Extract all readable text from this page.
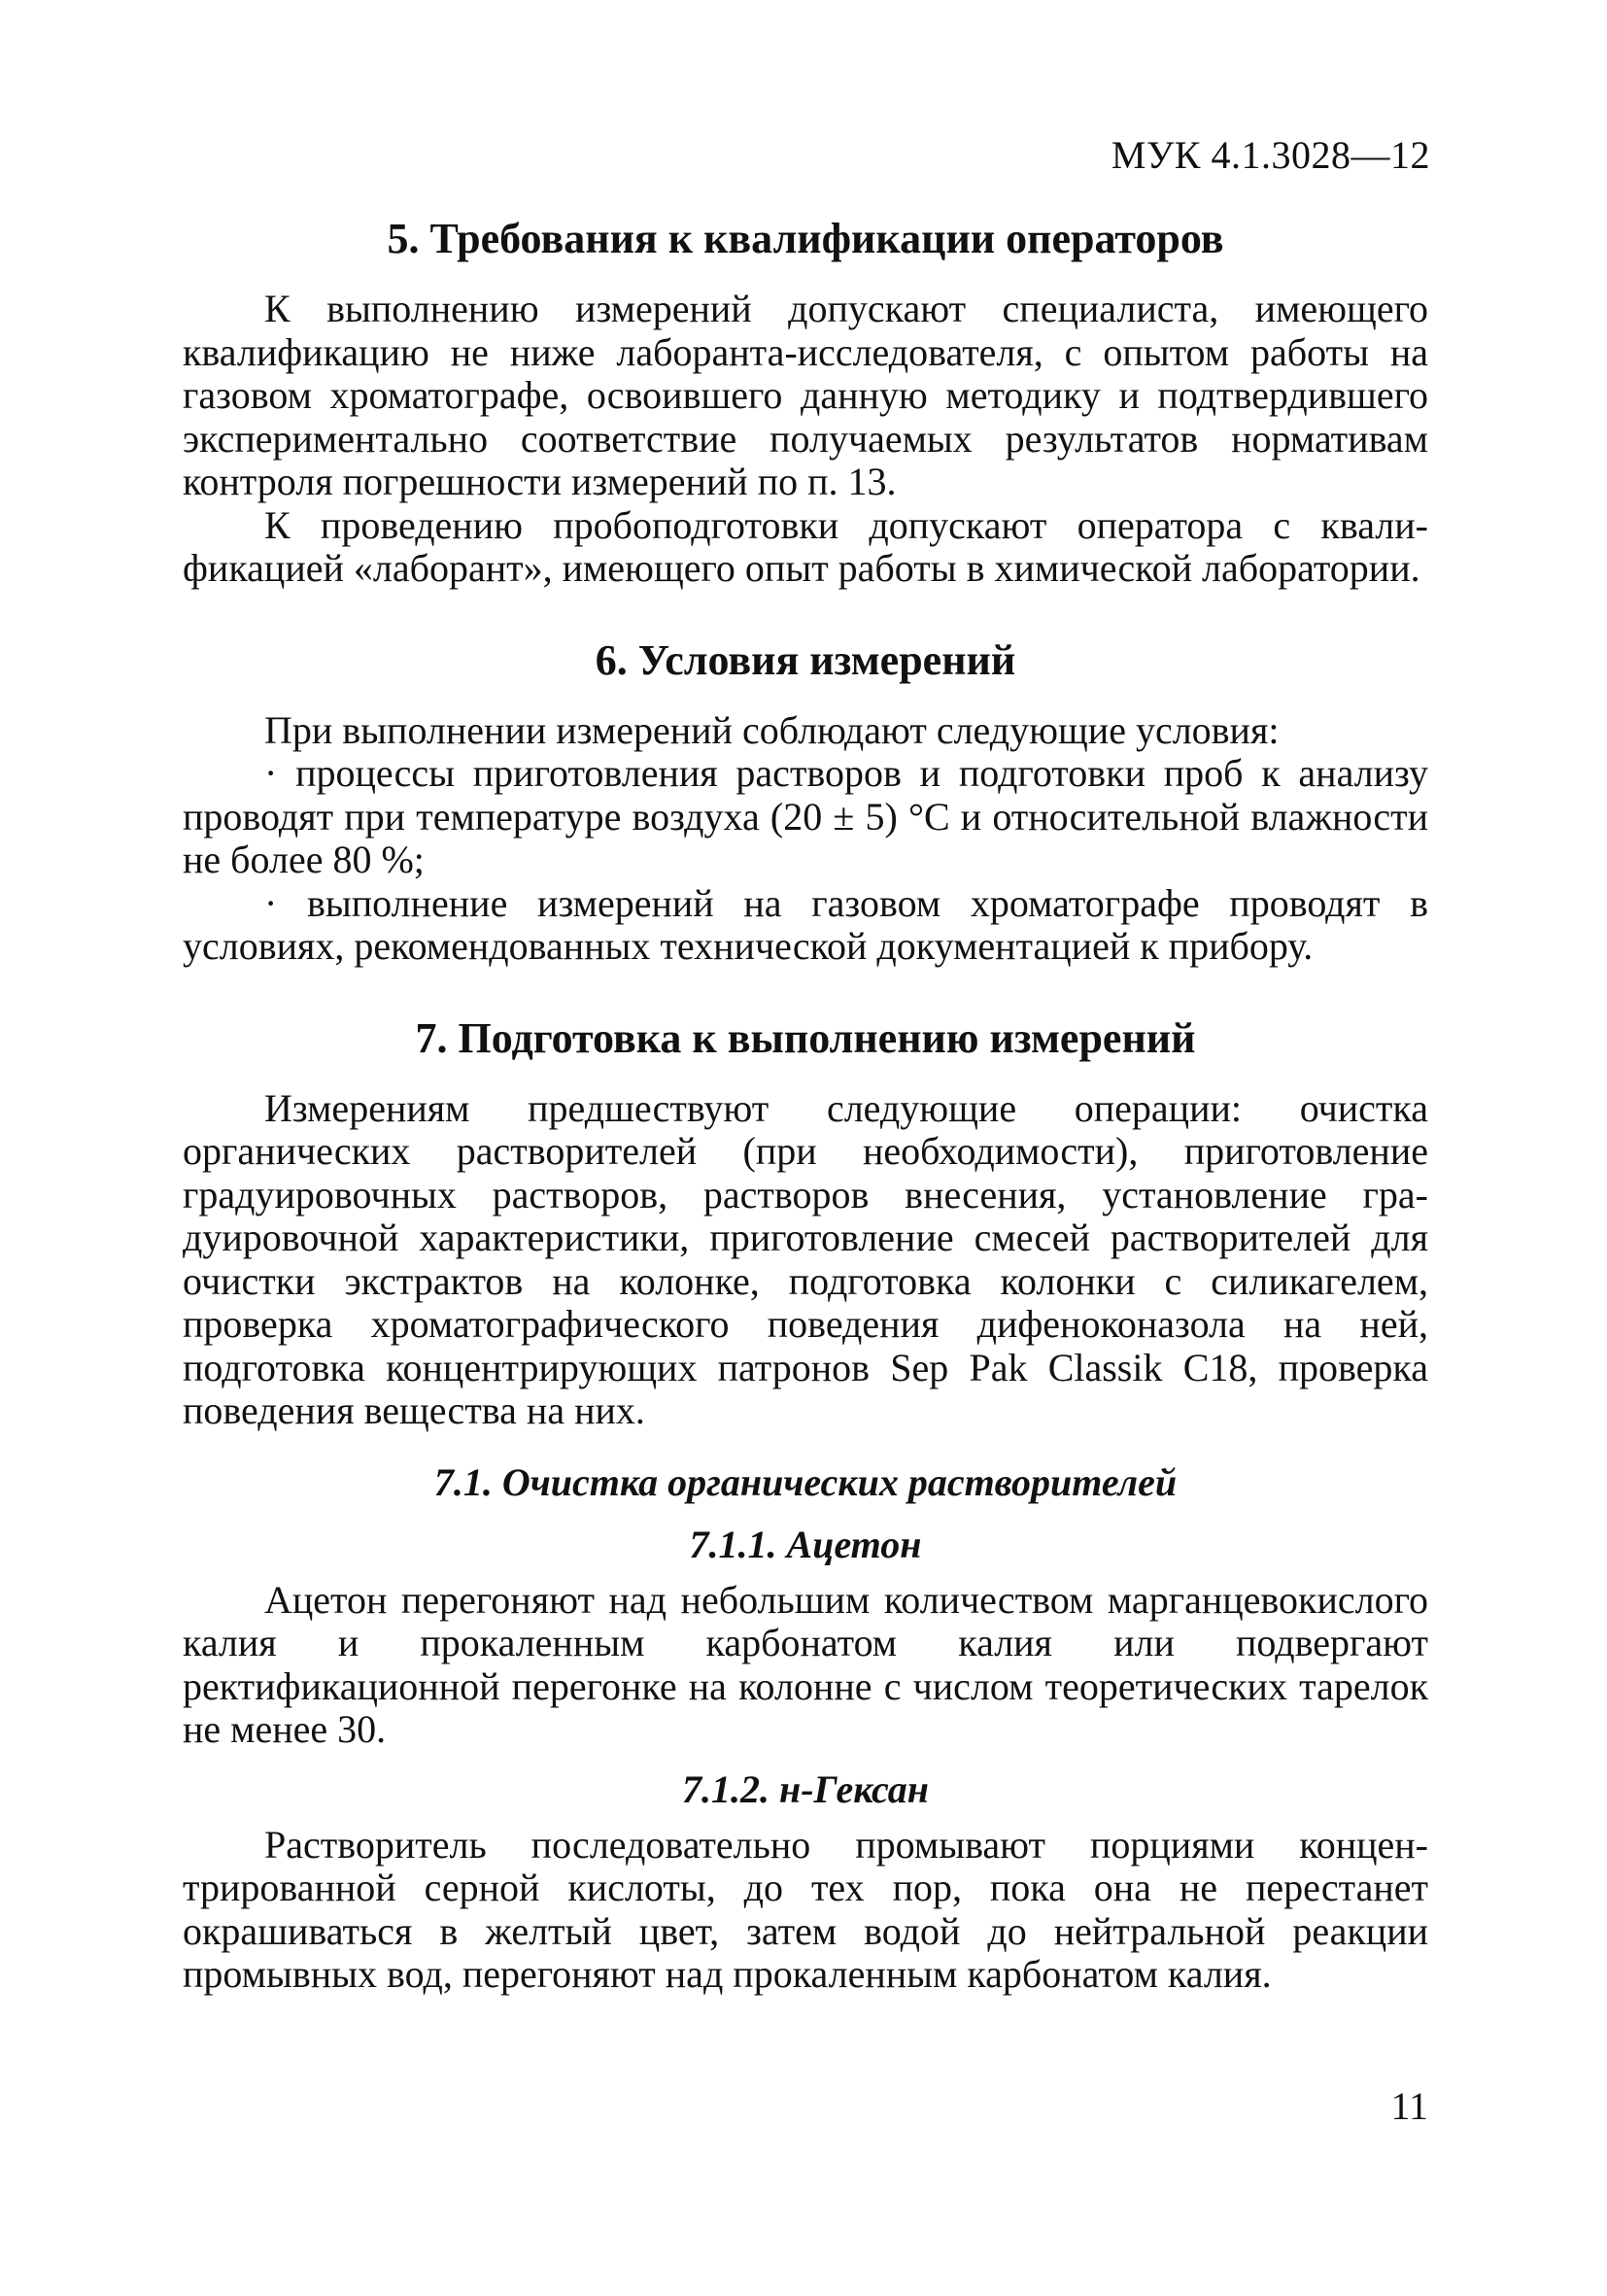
МУК 4.1.3028—12
5. Требования к квалификации операторов

К выполнению измерений допускают специалиста, имеющего квалификацию не ниже лаборанта-исследователя, с опытом работы на газовом хроматографе, освоившего данную методику и подтвердившего экспериментально соответствие получаемых результатов нормативам контроля погрешности измерений по п. 13.

К проведению пробоподготовки допускают оператора с квалификацией «лаборант», имеющего опыт работы в химической лаборатории.

6. Условия измерений

При выполнении измерений соблюдают следующие условия:

· процессы приготовления растворов и подготовки проб к анализу проводят при температуре воздуха (20 ± 5) °С и относительной влажности не более 80 %;

· выполнение измерений на газовом хроматографе проводят в условиях, рекомендованных технической документацией к прибору.

7. Подготовка к выполнению измерений

Измерениям предшествуют следующие операции: очистка органических растворителей (при необходимости), приготовление градуировочных растворов, растворов внесения, установление градуировочной характеристики, приготовление смесей растворителей для очистки экстрактов на колонке, подготовка колонки с силикагелем, проверка хроматографического поведения дифеноконазола на ней, подготовка концентрирующих патронов Sep Pak Classik C18, проверка поведения вещества на них.

7.1. Очистка органических растворителей
7.1.1. Ацетон

Ацетон перегоняют над небольшим количеством марганцевокислого калия и прокаленным карбонатом калия или подвергают ректификационной перегонке на колонне с числом теоретических тарелок не менее 30.

7.1.2. н-Гексан

Растворитель последовательно промывают порциями концентрированной серной кислоты, до тех пор, пока она не перестанет окрашиваться в желтый цвет, затем водой до нейтральной реакции промывных вод, перегоняют над прокаленным карбонатом калия.

11
